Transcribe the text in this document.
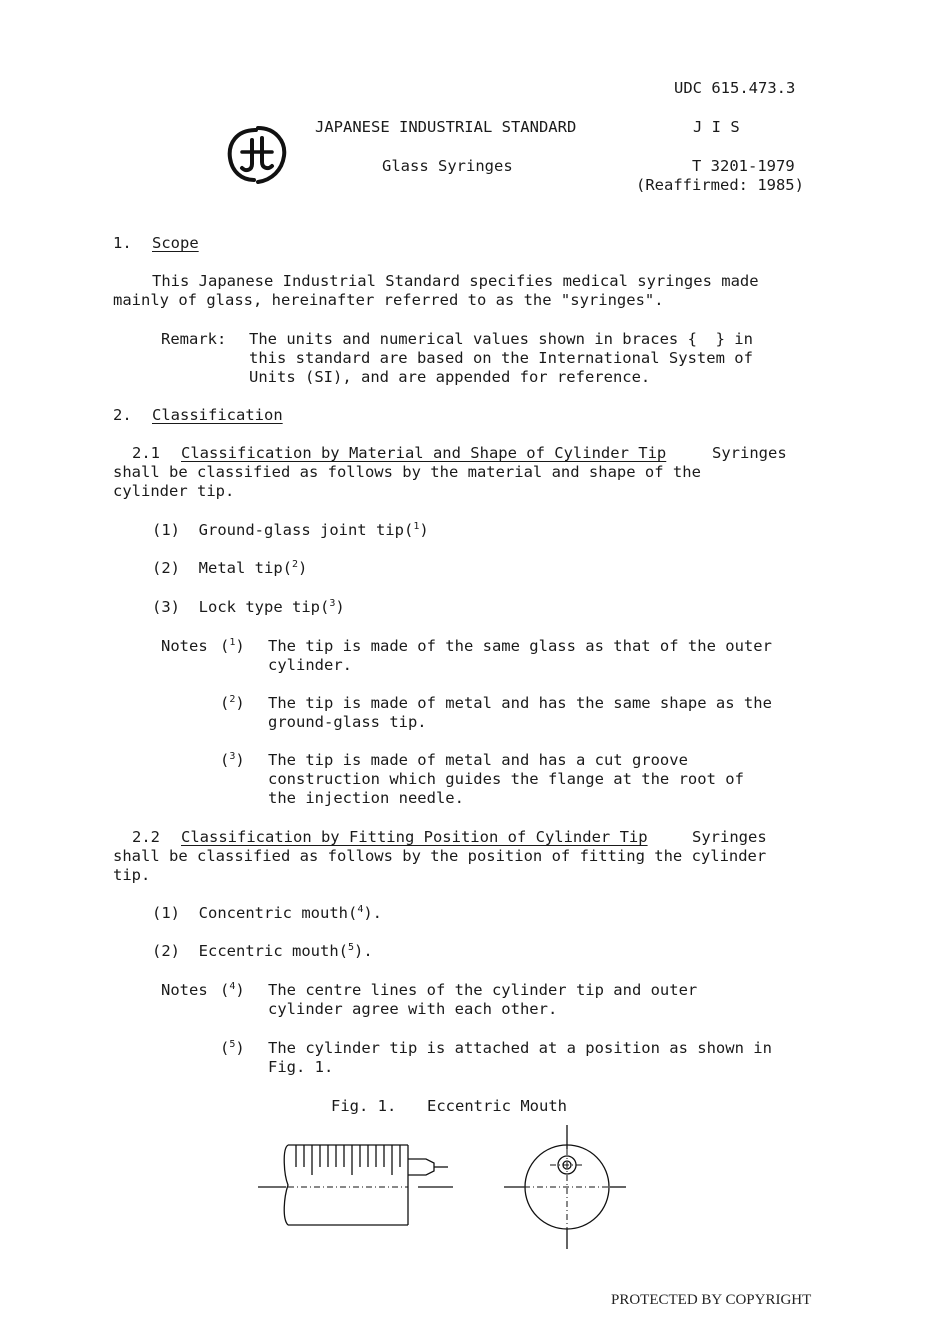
UDC 615.473.3
JAPANESE INDUSTRIAL STANDARD	J I S
Glass Syringes	T 3201-1979
(Reaffirmed: 1985)
1. Scope
This Japanese Industrial Standard specifies medical syringes made
mainly of glass, hereinafter referred to as the "syringes".
Remark: The units and numerical values shown in braces {  } in
this standard are based on the International System of
Units (SI), and are appended for reference.
2. Classification
2.1 Classification by Material and Shape of Cylinder Tip	Syringes
shall be classified as follows by the material and shape of the
cylinder tip.
(1) Ground-glass joint tip($^1$)
(2) Metal tip($^2$)
(3) Lock type tip($^3$)
Notes ($^1$) The tip is made of the same glass as that of the outer
cylinder.
($^2$) The tip is made of metal and has the same shape as the
ground-glass tip.
($^3$) The tip is made of metal and has a cut groove
construction which guides the flange at the root of
the injection needle.
2.2 Classification by Fitting Position of Cylinder Tip	Syringes
shall be classified as follows by the position of fitting the cylinder
tip.
(1) Concentric mouth($^4$).
(2) Eccentric mouth($^5$).
Notes ($^4$) The centre lines of the cylinder tip and outer
cylinder agree with each other.
($^5$) The cylinder tip is attached at a position as shown in
Fig. 1.
Fig. 1. Eccentric Mouth
PROTECTED BY COPYRIGHT
